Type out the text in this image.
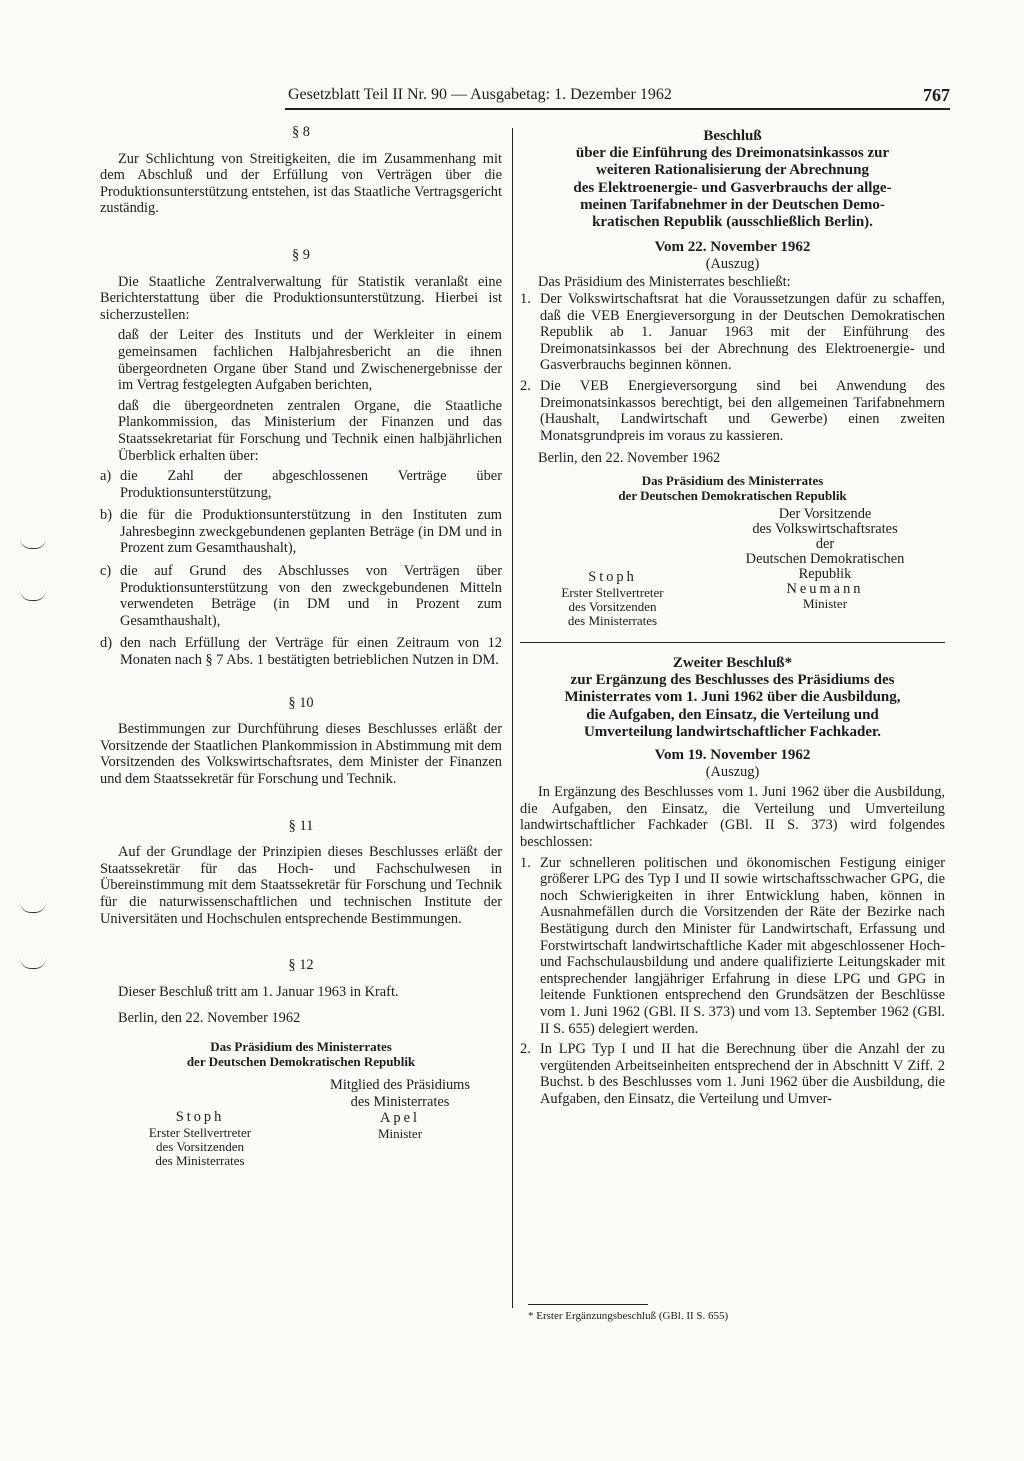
Gesetzblatt Teil II Nr. 90 — Ausgabetag: 1. Dezember 1962	767

§ 8

Zur Schlichtung von Streitigkeiten, die im Zusammenhang mit dem Abschluß und der Erfüllung von Verträgen über die Produktionsunterstützung entstehen, ist das Staatliche Vertragsgericht zuständig.

§ 9

Die Staatliche Zentralverwaltung für Statistik veranlaßt eine Berichterstattung über die Produktionsunterstützung. Hierbei ist sicherzustellen:

daß der Leiter des Instituts und der Werkleiter in einem gemeinsamen fachlichen Halbjahresbericht an die ihnen übergeordneten Organe über Stand und Zwischenergebnisse der im Vertrag festgelegten Aufgaben berichten,

daß die übergeordneten zentralen Organe, die Staatliche Plankommission, das Ministerium der Finanzen und das Staatssekretariat für Forschung und Technik einen halbjährlichen Überblick erhalten über:

a) die Zahl der abgeschlossenen Verträge über Produktionsunterstützung,
b) die für die Produktionsunterstützung in den Instituten zum Jahresbeginn zweckgebundenen geplanten Beträge (in DM und in Prozent zum Gesamthaushalt),
c) die auf Grund des Abschlusses von Verträgen über Produktionsunterstützung von den zweckgebundenen Mitteln verwendeten Beträge (in DM und in Prozent zum Gesamthaushalt),
d) den nach Erfüllung der Verträge für einen Zeitraum von 12 Monaten nach § 7 Abs. 1 bestätigten betrieblichen Nutzen in DM.

§ 10

Bestimmungen zur Durchführung dieses Beschlusses erläßt der Vorsitzende der Staatlichen Plankommission in Abstimmung mit dem Vorsitzenden des Volkswirtschaftsrates, dem Minister der Finanzen und dem Staatssekretär für Forschung und Technik.

§ 11

Auf der Grundlage der Prinzipien dieses Beschlusses erläßt der Staatssekretär für das Hoch- und Fachschulwesen in Übereinstimmung mit dem Staatssekretär für Forschung und Technik für die naturwissenschaftlichen und technischen Institute der Universitäten und Hochschulen entsprechende Bestimmungen.

§ 12

Dieser Beschluß tritt am 1. Januar 1963 in Kraft.

Berlin, den 22. November 1962

Das Präsidium des Ministerrates

der Deutschen Demokratischen Republik

Stoph
Erster Stellvertreter
des Vorsitzenden
des Ministerrates
Mitglied des Präsidiums
des Ministerrates
Apel
Minister

Beschluß

über die Einführung des Dreimonatsinkassos zur

weiteren Rationalisierung der Abrechnung

des Elektroenergie- und Gasverbrauchs der allge-

meinen Tarifabnehmer in der Deutschen Demo-

kratischen Republik (ausschließlich Berlin).

Vom 22. November 1962

(Auszug)

Das Präsidium des Ministerrates beschließt:

1. Der Volkswirtschaftsrat hat die Voraussetzungen dafür zu schaffen, daß die VEB Energieversorgung in der Deutschen Demokratischen Republik ab 1. Januar 1963 mit der Einführung des Dreimonatsinkassos bei der Abrechnung des Elektroenergie- und Gasverbrauchs beginnen können.
2. Die VEB Energieversorgung sind bei Anwendung des Dreimonatsinkassos berechtigt, bei den allgemeinen Tarifabnehmern (Haushalt, Landwirtschaft und Gewerbe) einen zweiten Monatsgrundpreis im voraus zu kassieren.

Berlin, den 22. November 1962

Das Präsidium des Ministerrates

der Deutschen Demokratischen Republik

Stoph
Erster Stellvertreter
des Vorsitzenden
des Ministerrates
Der Vorsitzende
des Volkswirtschaftsrates
der
Deutschen Demokratischen
Republik
Neumann
Minister

Zweiter Beschluß*

zur Ergänzung des Beschlusses des Präsidiums des

Ministerrates vom 1. Juni 1962 über die Ausbildung,

die Aufgaben, den Einsatz, die Verteilung und

Umverteilung landwirtschaftlicher Fachkader.

Vom 19. November 1962

(Auszug)

In Ergänzung des Beschlusses vom 1. Juni 1962 über die Ausbildung, die Aufgaben, den Einsatz, die Verteilung und Umverteilung landwirtschaftlicher Fachkader (GBl. II S. 373) wird folgendes beschlossen:

1. Zur schnelleren politischen und ökonomischen Festigung einiger größerer LPG des Typ I und II sowie wirtschaftsschwacher GPG, die noch Schwierigkeiten in ihrer Entwicklung haben, können in Ausnahmefällen durch die Vorsitzenden der Räte der Bezirke nach Bestätigung durch den Minister für Landwirtschaft, Erfassung und Forstwirtschaft landwirtschaftliche Kader mit abgeschlossener Hoch- und Fachschulausbildung und andere qualifizierte Leitungskader mit entsprechender langjähriger Erfahrung in diese LPG und GPG in leitende Funktionen entsprechend den Grundsätzen der Beschlüsse vom 1. Juni 1962 (GBl. II S. 373) und vom 13. September 1962 (GBl. II S. 655) delegiert werden.
2. In LPG Typ I und II hat die Berechnung über die Anzahl der zu vergütenden Arbeitseinheiten entsprechend der in Abschnitt V Ziff. 2 Buchst. b des Beschlusses vom 1. Juni 1962 über die Ausbildung, die Aufgaben, den Einsatz, die Verteilung und Umver-
* Erster Ergänzungsbeschluß (GBl. II S. 655)
